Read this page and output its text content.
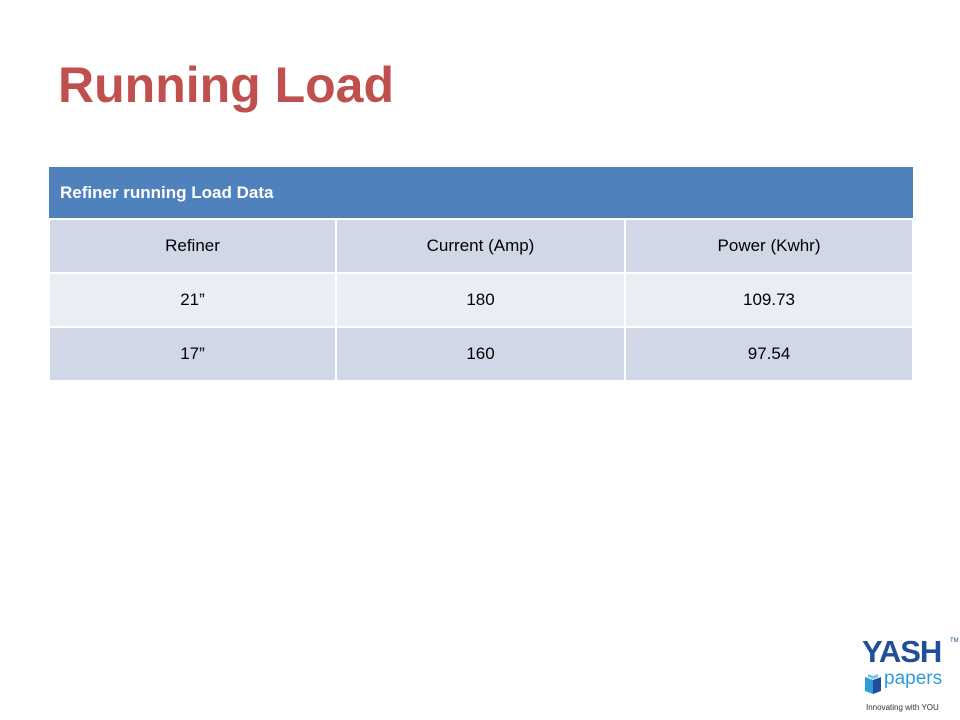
Running Load
Refiner running Load Data		
Refiner	Current (Amp)	Power (Kwhr)
21”	180	109.73
17”	160	97.54
YASH TM
papers
Innovating with YOU
